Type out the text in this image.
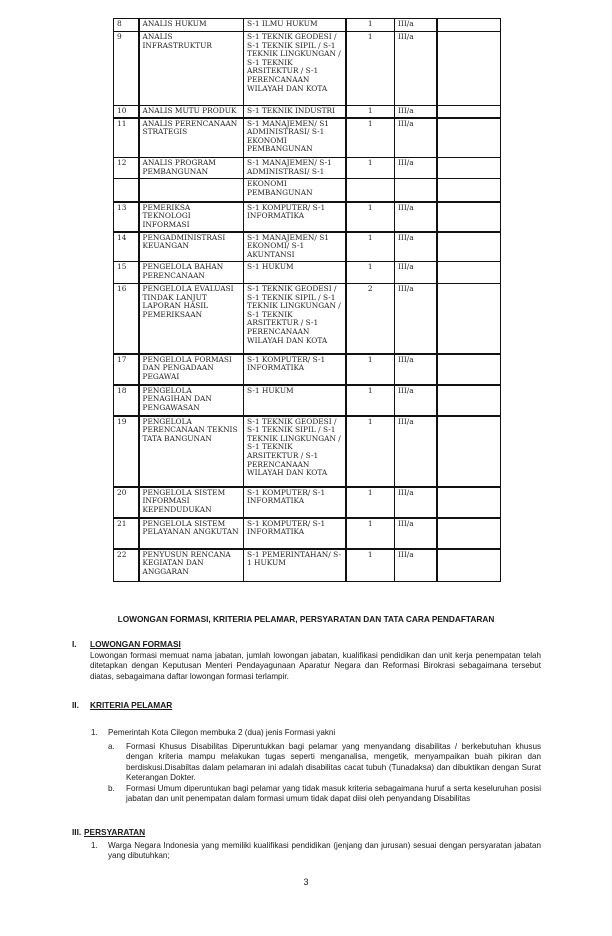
8	ANALIS HUKUM	S-1 ILMU HUKUM	1	III/a	
9	ANALIS INFRASTRUKTUR	S-1 TEKNIK GEODESI / S-1 TEKNIK SIPIL / S-1 TEKNIK LINGKUNGAN / S-1 TEKNIK ARSITEKTUR / S-1 PERENCANAAN WILAYAH DAN KOTA	1	III/a	
10	ANALIS MUTU PRODUK	S-1 TEKNIK INDUSTRI	1	III/a	
11	ANALIS PERENCANAAN STRATEGIS	S-1 MANAJEMEN/ S1 ADMINISTRASI/ S-1 EKONOMI PEMBANGUNAN	1	III/a	
12	ANALIS PROGRAM PEMBANGUNAN	S-1 MANAJEMEN/ S-1 ADMINISTRASI/ S-1	1	III/a	
		EKONOMI PEMBANGUNAN			
13	PEMERIKSA TEKNOLOGI INFORMASI	S-1 KOMPUTER/ S-1 INFORMATIKA	1	III/a	
14	PENGADMINISTRASI KEUANGAN	S-1 MANAJEMEN/ S1 EKONOMI/ S-1 AKUNTANSI	1	III/a	
15	PENGELOLA BAHAN PERENCANAAN	S-1 HUKUM	1	III/a	
16	PENGELOLA EVALUASI TINDAK LANJUT LAPORAN HASIL PEMERIKSAAN	S-1 TEKNIK GEODESI / S-1 TEKNIK SIPIL / S-1 TEKNIK LINGKUNGAN / S-1 TEKNIK ARSITEKTUR / S-1 PERENCANAAN WILAYAH DAN KOTA	2	III/a	
17	PENGELOLA FORMASI DAN PENGADAAN PEGAWAI	S-1 KOMPUTER/ S-1 INFORMATIKA	1	III/a	
18	PENGELOLA PENAGIHAN DAN PENGAWASAN	S-1 HUKUM	1	III/a	
19	PENGELOLA PERENCANAAN TEKNIS TATA BANGUNAN	S-1 TEKNIK GEODESI / S-1 TEKNIK SIPIL / S-1 TEKNIK LINGKUNGAN / S-1 TEKNIK ARSITEKTUR / S-1 PERENCANAAN WILAYAH DAN KOTA	1	III/a	
20	PENGELOLA SISTEM INFORMASI KEPENDUDUKAN	S-1 KOMPUTER/ S-1 INFORMATIKA	1	III/a	
21	PENGELOLA SISTEM PELAYANAN ANGKUTAN	S-1 KOMPUTER/ S-1 INFORMATIKA	1	III/a	
22	PENYUSUN RENCANA KEGIATAN DAN ANGGARAN	S-1 PEMERINTAHAN/ S-1 HUKUM	1	III/a	
LOWONGAN FORMASI, KRITERIA PELAMAR, PERSYARATAN DAN TATA CARA PENDAFTARAN
I. LOWONGAN FORMASI
Lowongan formasi memuat nama jabatan, jumlah lowongan jabatan, kualifikasi pendidikan dan unit kerja penempatan telah ditetapkan dengan Keputusan Menteri Pendayagunaan Aparatur Negara dan Reformasi Birokrasi sebagaimana tersebut diatas, sebagaimana daftar lowongan formasi terlampir.
II. KRITERIA PELAMAR
1. Pemerintah Kota Cilegon membuka 2 (dua) jenis Formasi yakni
a. Formasi Khusus Disabilitas Diperuntukkan bagi pelamar yang menyandang disabilitas / berkebutuhan khusus dengan kriteria mampu melakukan tugas seperti menganalisa, mengetik, menyampaikan buah pikiran dan berdiskusi.Disabiltas dalam pelamaran ini adalah disabilitas cacat tubuh (Tunadaksa) dan dibuktikan dengan Surat Keterangan Dokter.
b. Formasi Umum diperuntukan bagi pelamar yang tidak masuk kriteria sebagaimana huruf a serta keseluruhan posisi jabatan dan unit penempatan dalam formasi umum tidak dapat diisi oleh penyandang Disabilitas
III. PERSYARATAN
1. Warga Negara Indonesia yang memiliki kualifikasi pendidikan (jenjang dan jurusan) sesuai dengan persyaratan jabatan yang dibutuhkan;
3
